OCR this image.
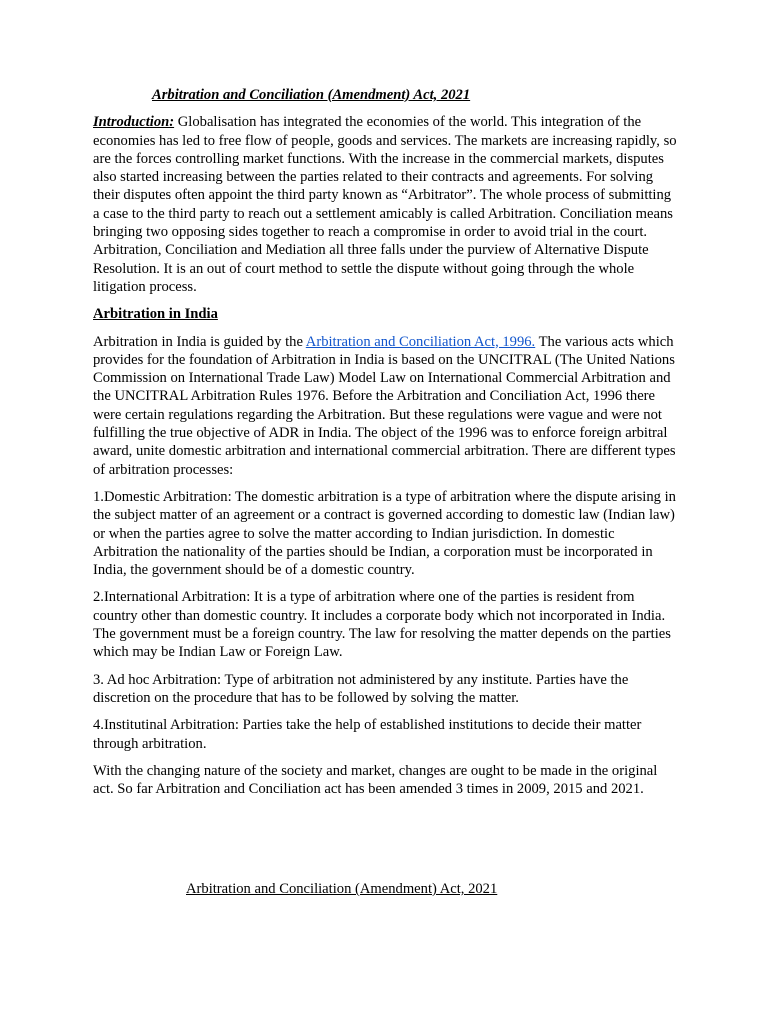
Arbitration and Conciliation (Amendment) Act, 2021

Introduction: Globalisation has integrated the economies of the world. This integration of the economies has led to free flow of people, goods and services. The markets are increasing rapidly, so are the forces controlling market functions. With the increase in the commercial markets, disputes also started increasing between the parties related to their contracts and agreements. For solving their disputes often appoint the third party known as “Arbitrator”. The whole process of submitting a case to the third party to reach out a settlement amicably is called Arbitration. Conciliation means bringing two opposing sides together to reach a compromise in order to avoid trial in the court. Arbitration, Conciliation and Mediation all three falls under the purview of Alternative Dispute Resolution. It is an out of court method to settle the dispute without going through the whole litigation process.

Arbitration in India

Arbitration in India is guided by the Arbitration and Conciliation Act, 1996. The various acts which provides for the foundation of Arbitration in India is based on the UNCITRAL (The United Nations Commission on International Trade Law) Model Law on International Commercial Arbitration and the UNCITRAL Arbitration Rules 1976. Before the Arbitration and Conciliation Act, 1996 there were certain regulations regarding the Arbitration. But these regulations were vague and were not fulfilling the true objective of ADR in India. The object of the 1996 was to enforce foreign arbitral award, unite domestic arbitration and international commercial arbitration. There are different types of arbitration processes:

1.Domestic Arbitration: The domestic arbitration is a type of arbitration where the dispute arising in the subject matter of an agreement or a contract is governed according to domestic law (Indian law) or when the parties agree to solve the matter according to Indian jurisdiction. In domestic Arbitration the nationality of the parties should be Indian, a corporation must be incorporated in India, the government should be of a domestic country.

2.International Arbitration: It is a type of arbitration where one of the parties is resident from country other than domestic country. It includes a corporate body which not incorporated in India. The government must be a foreign country. The law for resolving the matter depends on the parties which may be Indian Law or Foreign Law.

3. Ad hoc Arbitration: Type of arbitration not administered by any institute. Parties have the discretion on the procedure that has to be followed by solving the matter.

4.Institutinal Arbitration: Parties take the help of established institutions to decide their matter through arbitration.

With the changing nature of the society and market, changes are ought to be made in the original act. So far Arbitration and Conciliation act has been amended 3 times in 2009, 2015 and 2021.

Arbitration and Conciliation (Amendment) Act, 2021
